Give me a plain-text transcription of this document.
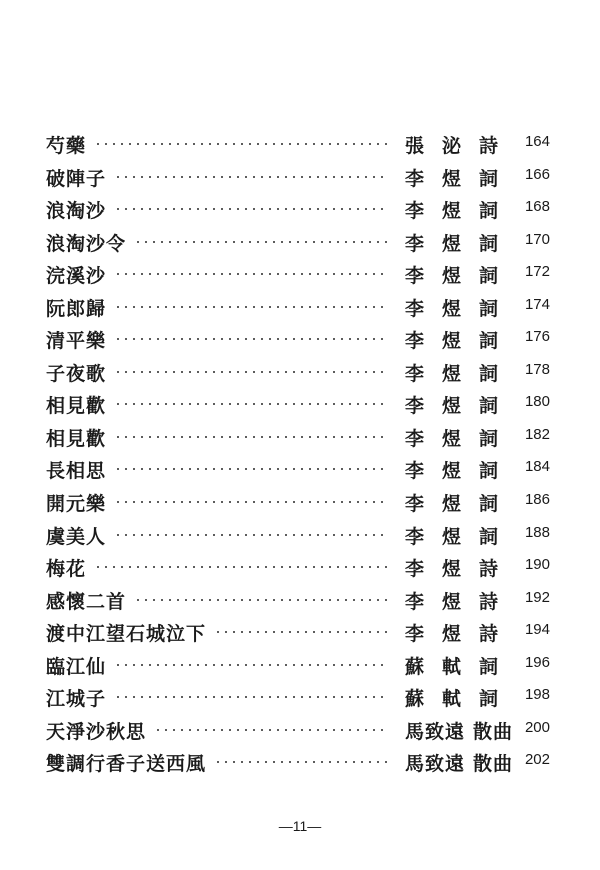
芍藥	張泌 詩	164
破陣子	李煜 詞	166
浪淘沙	李煜 詞	168
浪淘沙令	李煜 詞	170
浣溪沙	李煜 詞	172
阮郎歸	李煜 詞	174
清平樂	李煜 詞	176
子夜歌	李煜 詞	178
相見歡	李煜 詞	180
相見歡	李煜 詞	182
長相思	李煜 詞	184
開元樂	李煜 詞	186
虞美人	李煜 詞	188
梅花	李煜 詩	190
感懷二首	李煜 詩	192
渡中江望石城泣下	李煜 詩	194
臨江仙	蘇軾 詞	196
江城子	蘇軾 詞	198
天淨沙秋思	馬致遠 散曲 200
雙調行香子送西風	馬致遠 散曲 202
—11—
